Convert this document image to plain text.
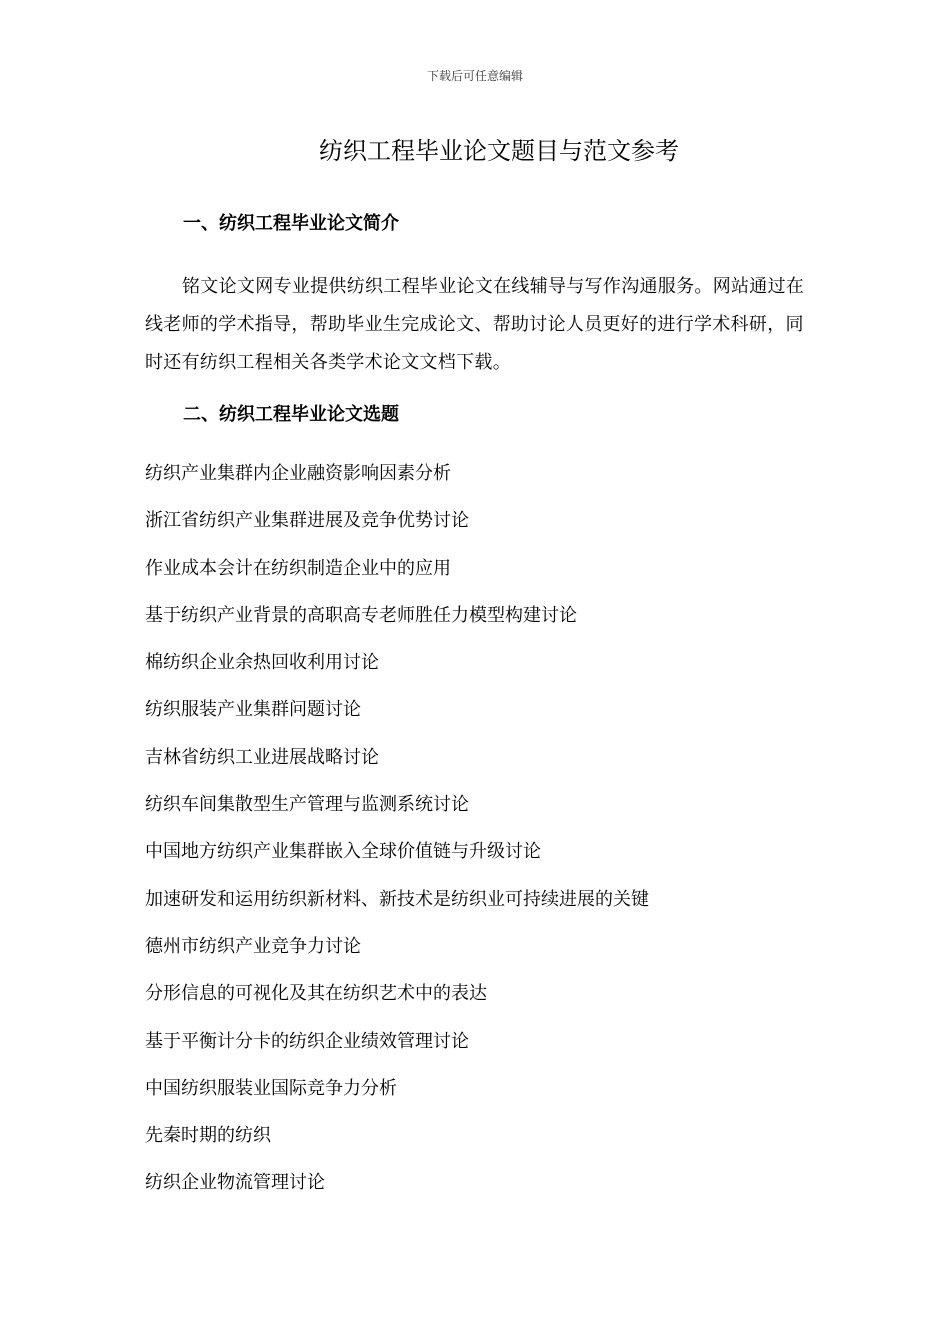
下载后可任意编辑
纺织工程毕业论文题目与范文参考
一、纺织工程毕业论文简介

铭文论文网专业提供纺织工程毕业论文在线辅导与写作沟通服务。网站通过在线老师的学术指导，帮助毕业生完成论文、帮助讨论人员更好的进行学术科研，同时还有纺织工程相关各类学术论文文档下载。

二、纺织工程毕业论文选题
纺织产业集群内企业融资影响因素分析
浙江省纺织产业集群进展及竞争优势讨论
作业成本会计在纺织制造企业中的应用
基于纺织产业背景的高职高专老师胜任力模型构建讨论
棉纺织企业余热回收利用讨论
纺织服装产业集群问题讨论
吉林省纺织工业进展战略讨论
纺织车间集散型生产管理与监测系统讨论
中国地方纺织产业集群嵌入全球价值链与升级讨论
加速研发和运用纺织新材料、新技术是纺织业可持续进展的关键
德州市纺织产业竞争力讨论
分形信息的可视化及其在纺织艺术中的表达
基于平衡计分卡的纺织企业绩效管理讨论
中国纺织服装业国际竞争力分析
先秦时期的纺织
纺织企业物流管理讨论
